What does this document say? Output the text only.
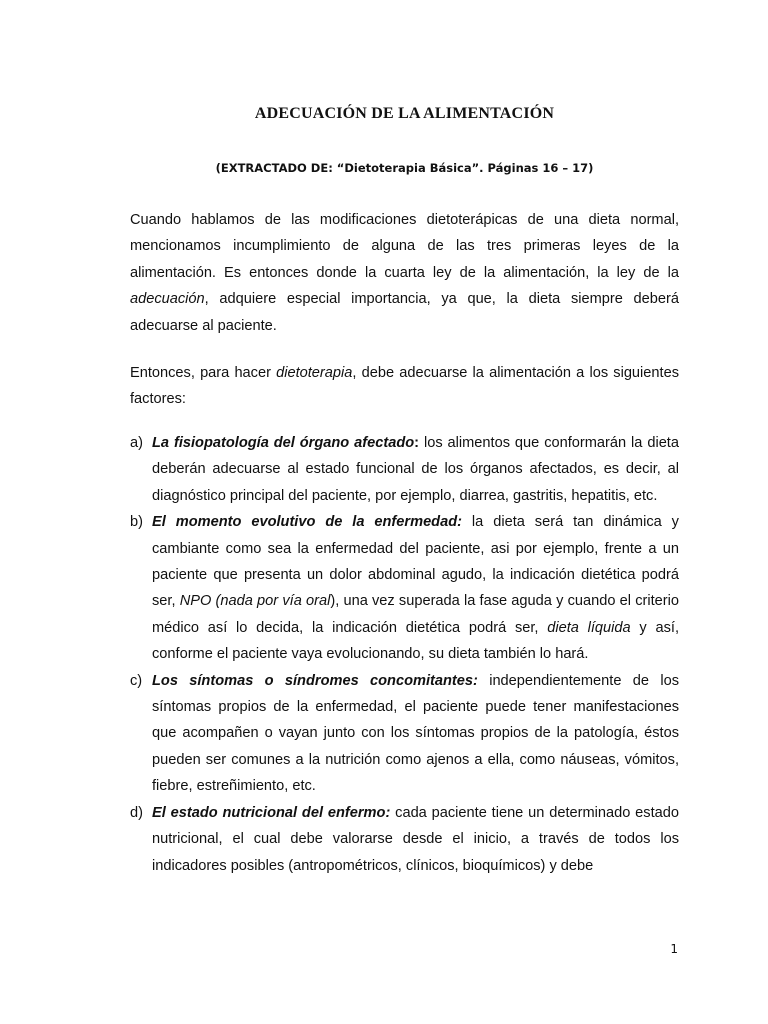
ADECUACIÓN DE LA ALIMENTACIÓN
(EXTRACTADO DE: “Dietoterapia Básica”. Páginas 16 – 17)

Cuando hablamos de las modificaciones dietoterápicas de una dieta normal, mencionamos incumplimiento de alguna de las tres primeras leyes de la alimentación. Es entonces donde la cuarta ley de la alimentación, la ley de la adecuación, adquiere especial importancia, ya que, la dieta siempre deberá adecuarse al paciente.

Entonces, para hacer dietoterapia, debe adecuarse la alimentación a los siguientes factores:

a) La fisiopatología del órgano afectado: los alimentos que conformarán la dieta deberán adecuarse al estado funcional de los órganos afectados, es decir, al diagnóstico principal del paciente, por ejemplo, diarrea, gastritis, hepatitis, etc.

b) El momento evolutivo de la enfermedad: la dieta será tan dinámica y cambiante como sea la enfermedad del paciente, asi por ejemplo, frente a un paciente que presenta un dolor abdominal agudo, la indicación dietética podrá ser, NPO (nada por vía oral), una vez superada la fase aguda y cuando el criterio médico así lo decida, la indicación dietética podrá ser, dieta líquida y así, conforme el paciente vaya evolucionando, su dieta también lo hará.

c) Los síntomas o síndromes concomitantes: independientemente de los síntomas propios de la enfermedad, el paciente puede tener manifestaciones que acompañen o vayan junto con los síntomas propios de la patología, éstos pueden ser comunes a la nutrición como ajenos a ella, como náuseas, vómitos, fiebre, estreñimiento, etc.

d) El estado nutricional del enfermo: cada paciente tiene un determinado estado nutricional, el cual debe valorarse desde el inicio, a través de todos los indicadores posibles (antropométricos, clínicos, bioquímicos) y debe

1
